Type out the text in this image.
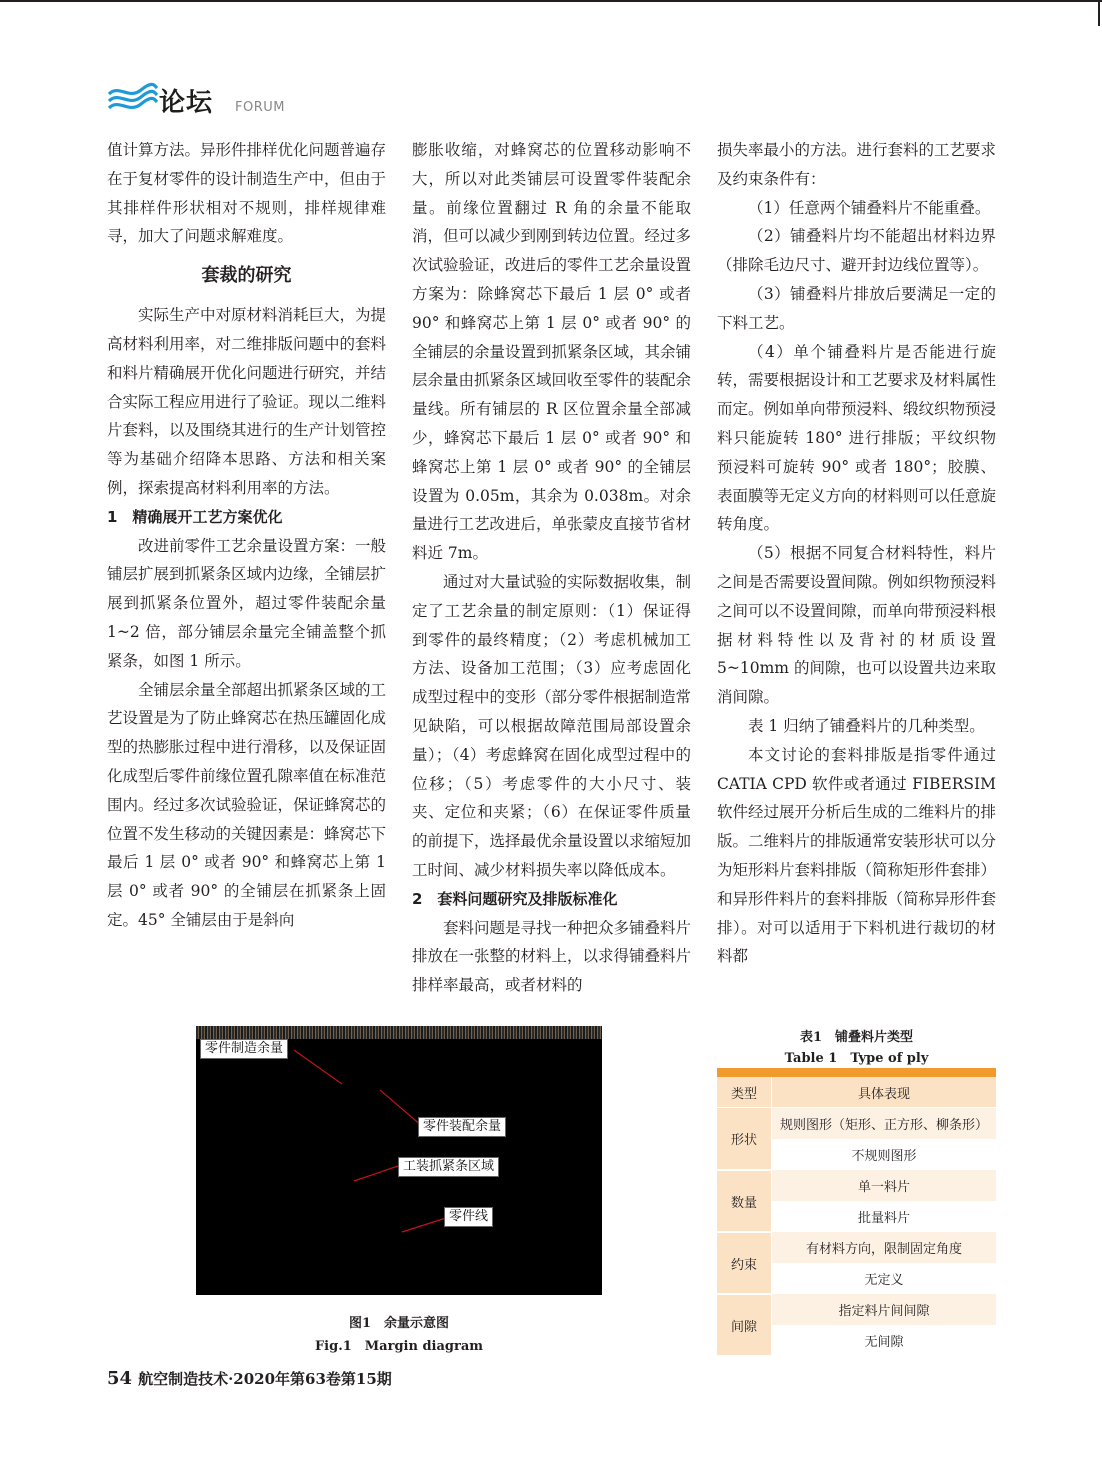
论坛 FORUM

值计算方法。异形件排样优化问题普遍存在于复材零件的设计制造生产中，但由于其排样件形状相对不规则，排样规律难寻，加大了问题求解难度。

套裁的研究

实际生产中对原材料消耗巨大，为提高材料利用率，对二维排版问题中的套料和料片精确展开优化问题进行研究，并结合实际工程应用进行了验证。现以二维料片套料，以及围绕其进行的生产计划管控等为基础介绍降本思路、方法和相关案例，探索提高材料利用率的方法。

1　精确展开工艺方案优化

改进前零件工艺余量设置方案：一般铺层扩展到抓紧条区域内边缘，全铺层扩展到抓紧条位置外，超过零件装配余量 1~2 倍，部分铺层余量完全铺盖整个抓紧条，如图 1 所示。

全铺层余量全部超出抓紧条区域的工艺设置是为了防止蜂窝芯在热压罐固化成型的热膨胀过程中进行滑移，以及保证固化成型后零件前缘位置孔隙率值在标准范围内。经过多次试验验证，保证蜂窝芯的位置不发生移动的关键因素是：蜂窝芯下最后 1 层 0° 或者 90° 和蜂窝芯上第 1 层 0° 或者 90° 的全铺层在抓紧条上固定。45° 全铺层由于是斜向

膨胀收缩，对蜂窝芯的位置移动影响不大，所以对此类铺层可设置零件装配余量。前缘位置翻过 R 角的余量不能取消，但可以减少到刚到转边位置。经过多次试验验证，改进后的零件工艺余量设置方案为：除蜂窝芯下最后 1 层 0° 或者 90° 和蜂窝芯上第 1 层 0° 或者 90° 的全铺层的余量设置到抓紧条区域，其余铺层余量由抓紧条区域回收至零件的装配余量线。所有铺层的 R 区位置余量全部减少，蜂窝芯下最后 1 层 0° 或者 90° 和蜂窝芯上第 1 层 0° 或者 90° 的全铺层设置为 0.05m，其余为 0.038m。对余量进行工艺改进后，单张蒙皮直接节省材料近 7m。

通过对大量试验的实际数据收集，制定了工艺余量的制定原则：（1）保证得到零件的最终精度；（2）考虑机械加工方法、设备加工范围；（3）应考虑固化成型过程中的变形（部分零件根据制造常见缺陷，可以根据故障范围局部设置余量）；（4）考虑蜂窝在固化成型过程中的位移；（5）考虑零件的大小尺寸、装夹、定位和夹紧；（6）在保证零件质量的前提下，选择最优余量设置以求缩短加工时间、减少材料损失率以降低成本。

2　套料问题研究及排版标准化

套料问题是寻找一种把众多铺叠料片排放在一张整的材料上，以求得铺叠料片排样率最高，或者材料的

损失率最小的方法。进行套料的工艺要求及约束条件有：

（1）任意两个铺叠料片不能重叠。

（2）铺叠料片均不能超出材料边界（排除毛边尺寸、避开封边线位置等）。

（3）铺叠料片排放后要满足一定的下料工艺。

（4）单个铺叠料片是否能进行旋转，需要根据设计和工艺要求及材料属性而定。例如单向带预浸料、缎纹织物预浸料只能旋转 180° 进行排版；平纹织物预浸料可旋转 90° 或者 180°；胶膜、表面膜等无定义方向的材料则可以任意旋转角度。

（5）根据不同复合材料特性，料片之间是否需要设置间隙。例如织物预浸料之间可以不设置间隙，而单向带预浸料根据材料特性以及背衬的材质设置 5~10mm 的间隙，也可以设置共边来取消间隙。

表 1 归纳了铺叠料片的几种类型。

本文讨论的套料排版是指零件通过 CATIA CPD 软件或者通过 FIBERSIM 软件经过展开分析后生成的二维料片的排版。二维料片的排版通常安装形状可以分为矩形料片套料排版（简称矩形件套排）和异形件料片的套料排版（简称异形件套排）。对可以适用于下料机进行裁切的材料都

零件制造余量
零件装配余量
工装抓紧条区域
零件线
图1　余量示意图
Fig.1　Margin diagram
表1　铺叠料片类型
Table 1　Type of ply

类型	具体表现
形状	规则图形（矩形、正方形、柳条形）
	不规则图形
数量	单一料片
	批量料片
约束	有材料方向，限制固定角度
	无定义
间隙	指定料片间间隙
	无间隙
54 航空制造技术·2020年第63卷第15期
